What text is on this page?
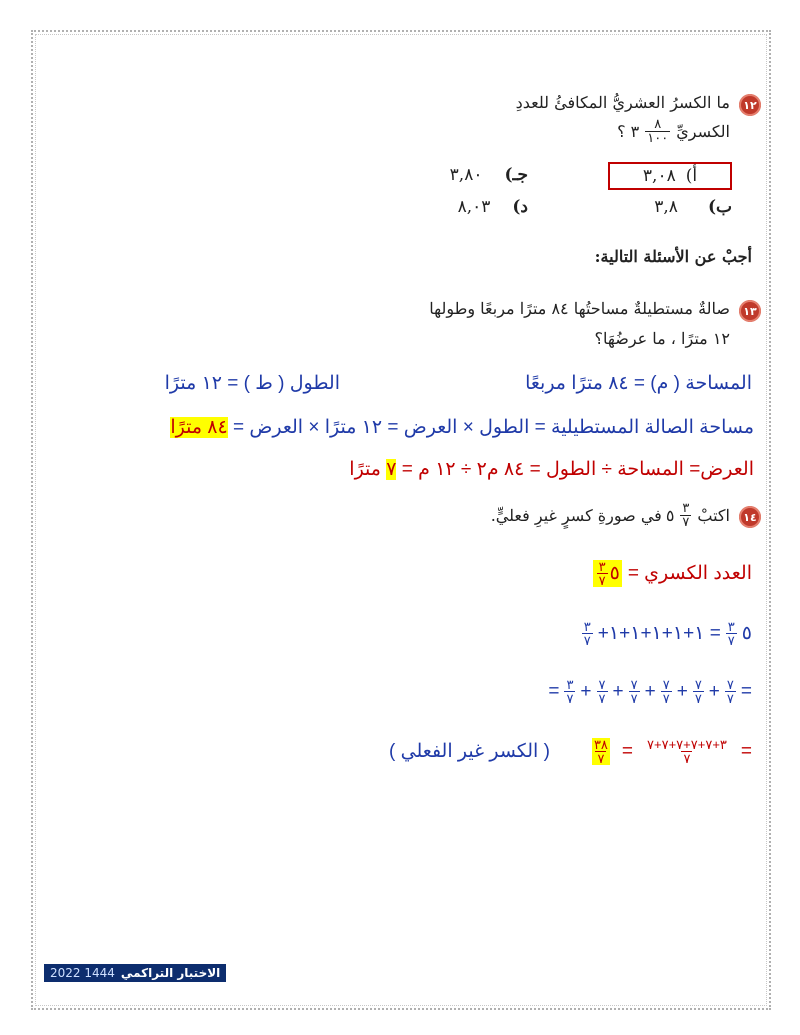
١٢
ما الكسرُ العشريُّ المكافئُ للعددِ
الكسريِّ
$\frac{٨}{١٠٠}$
٣ ؟
أ)
٣,٠٨
ب)
٣,٨
جـ)
٣,٨٠
د)
٨,٠٣
أجبْ عن الأسئلة التالية:
١٣
صالةٌ مستطيلةٌ مساحتُها ٨٤ مترًا مربعًا وطولها
١٢ مترًا ، ما عرضُهَا؟
المساحة ( م) = ٨٤ مترًا مربعًا
الطول ( ط ) = ١٢ مترًا
مساحة الصالة المستطيلية = الطول × العرض = ١٢ مترًا × العرض = ٨٤ مترًا
العرض= المساحة ÷ الطول = ٨٤ م٢ ÷ ١٢ م = ٧ مترًا
١٤
اكتبْ
$\frac{٣}{٧}$
٥
في صورةِ كسرٍ غيرِ فعليٍّ.
العدد الكسري =
٥
$\frac{٣}{٧}$
٥
$\frac{٣}{٧}$
= ١+١+١+١+١+
$\frac{٣}{٧}$
=
$\frac{٧}{٧}$
+
$\frac{٧}{٧}$
+
$\frac{٧}{٧}$
+
$\frac{٧}{٧}$
+
$\frac{٧}{٧}$
+
$\frac{٣}{٧}$
=
=
$\frac{٣+٧+٧+٧+٧+٧}{٧}$
=
$\frac{٣٨}{٧}$
( الكسر غير الفعلي )
الاختبار التراكمي
1444 2022
